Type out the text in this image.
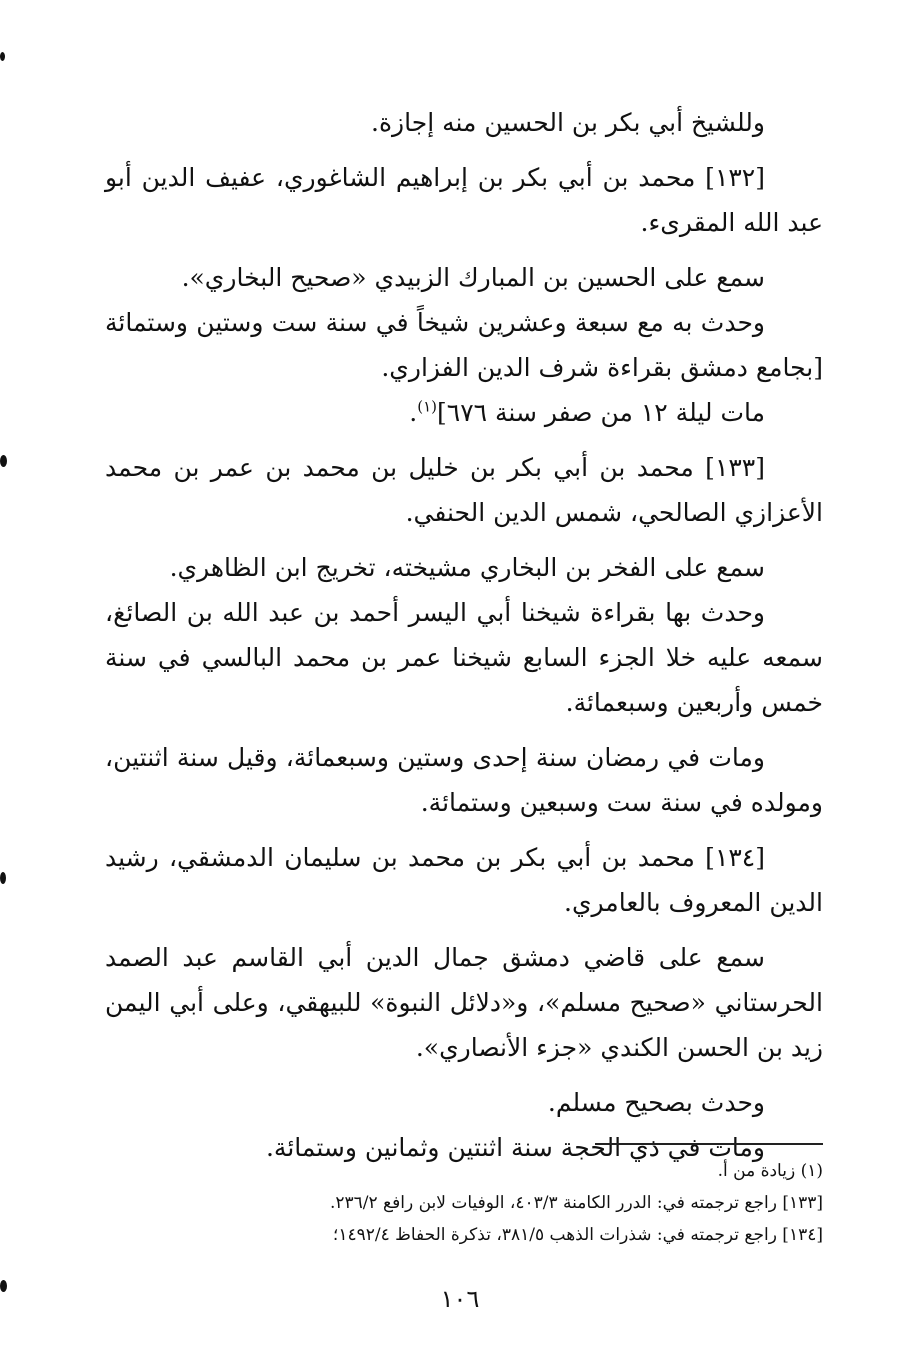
وللشيخ أبي بكر بن الحسين منه إجازة.

[١٣٢] محمد بن أبي بكر بن إبراهيم الشاغوري، عفيف الدين أبو عبد الله المقرىء.

سمع على الحسين بن المبارك الزبيدي «صحيح البخاري».

وحدث به مع سبعة وعشرين شيخاً في سنة ست وستين وستمائة [بجامع دمشق بقراءة شرف الدين الفزاري.

مات ليلة ١٢ من صفر سنة ٦٧٦]$^{(١)}$.

[١٣٣] محمد بن أبي بكر بن خليل بن محمد بن عمر بن محمد الأعزازي الصالحي، شمس الدين الحنفي.

سمع على الفخر بن البخاري مشيخته، تخريج ابن الظاهري.

وحدث بها بقراءة شيخنا أبي اليسر أحمد بن عبد الله بن الصائغ، سمعه عليه خلا الجزء السابع شيخنا عمر بن محمد البالسي في سنة خمس وأربعين وسبعمائة.

ومات في رمضان سنة إحدى وستين وسبعمائة، وقيل سنة اثنتين، ومولده في سنة ست وسبعين وستمائة.

[١٣٤] محمد بن أبي بكر بن محمد بن سليمان الدمشقي، رشيد الدين المعروف بالعامري.

سمع على قاضي دمشق جمال الدين أبي القاسم عبد الصمد الحرستاني «صحيح مسلم»، و«دلائل النبوة» للبيهقي، وعلى أبي اليمن زيد بن الحسن الكندي «جزء الأنصاري».

وحدث بصحيح مسلم.

ومات في ذي الحجة سنة اثنتين وثمانين وستمائة.

(١) زيادة من أ.

[١٣٣] راجع ترجمته في: الدرر الكامنة ٤٠٣/٣، الوفيات لابن رافع ٢٣٦/٢.

[١٣٤] راجع ترجمته في: شذرات الذهب ٣٨١/٥، تذكرة الحفاظ ١٤٩٢/٤؛

١٠٦
